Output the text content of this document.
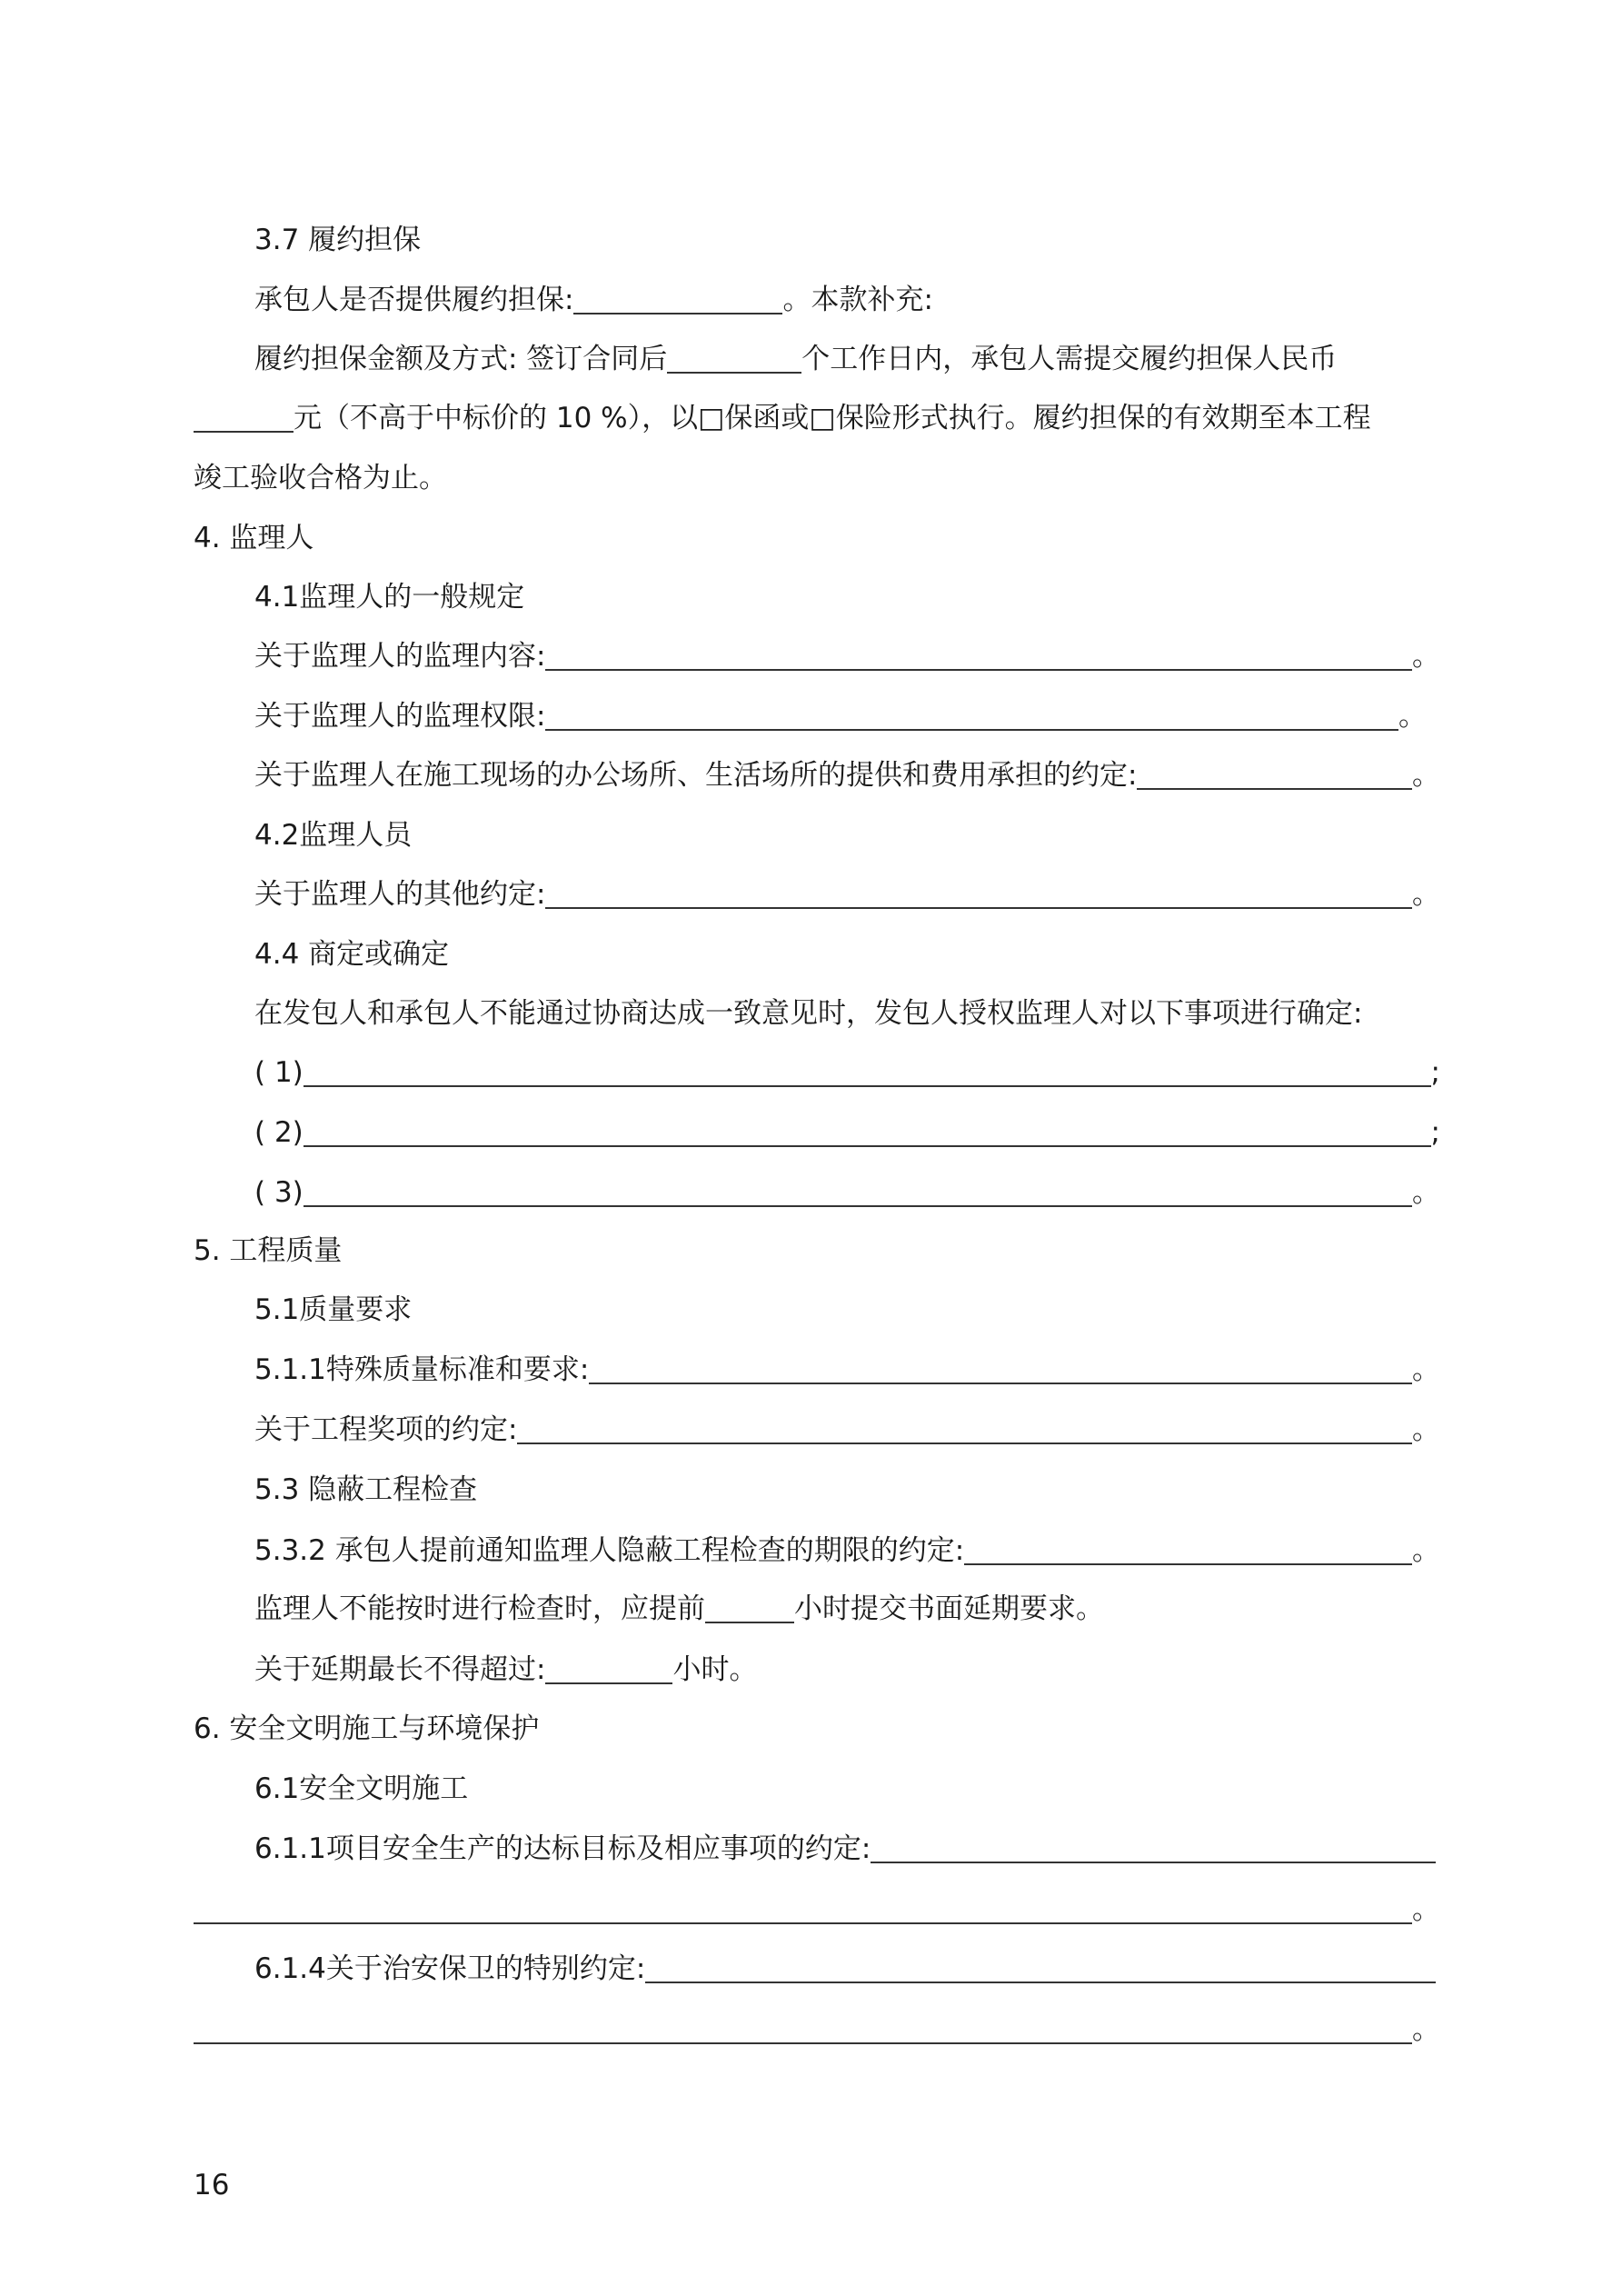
3.7 履约担保
承包人是否提供履约担保:	。本款补充:
履约担保金额及方式: 签订合同后	个工作日内，承包人需提交履约担保人民币
元（不高于中标价的 10 %），以□保函或□保险形式执行。履约担保的有效期至本工程
竣工验收合格为止。
4. 监理人
4.1监理人的一般规定
关于监理人的监理内容:	。
关于监理人的监理权限:	。
关于监理人在施工现场的办公场所、生活场所的提供和费用承担的约定:	。
4.2监理人员
关于监理人的其他约定:	。
4.4 商定或确定
在发包人和承包人不能通过协商达成一致意见时，发包人授权监理人对以下事项进行确定:
( 1)	;
( 2)	;
( 3)	。
5. 工程质量
5.1质量要求
5.1.1特殊质量标准和要求:	。
关于工程奖项的约定:	。
5.3 隐蔽工程检查
5.3.2 承包人提前通知监理人隐蔽工程检查的期限的约定:	。
监理人不能按时进行检查时，应提前	小时提交书面延期要求。
关于延期最长不得超过:	小时。
6. 安全文明施工与环境保护
6.1安全文明施工
6.1.1项目安全生产的达标目标及相应事项的约定:
。
6.1.4关于治安保卫的特别约定:
。
16
